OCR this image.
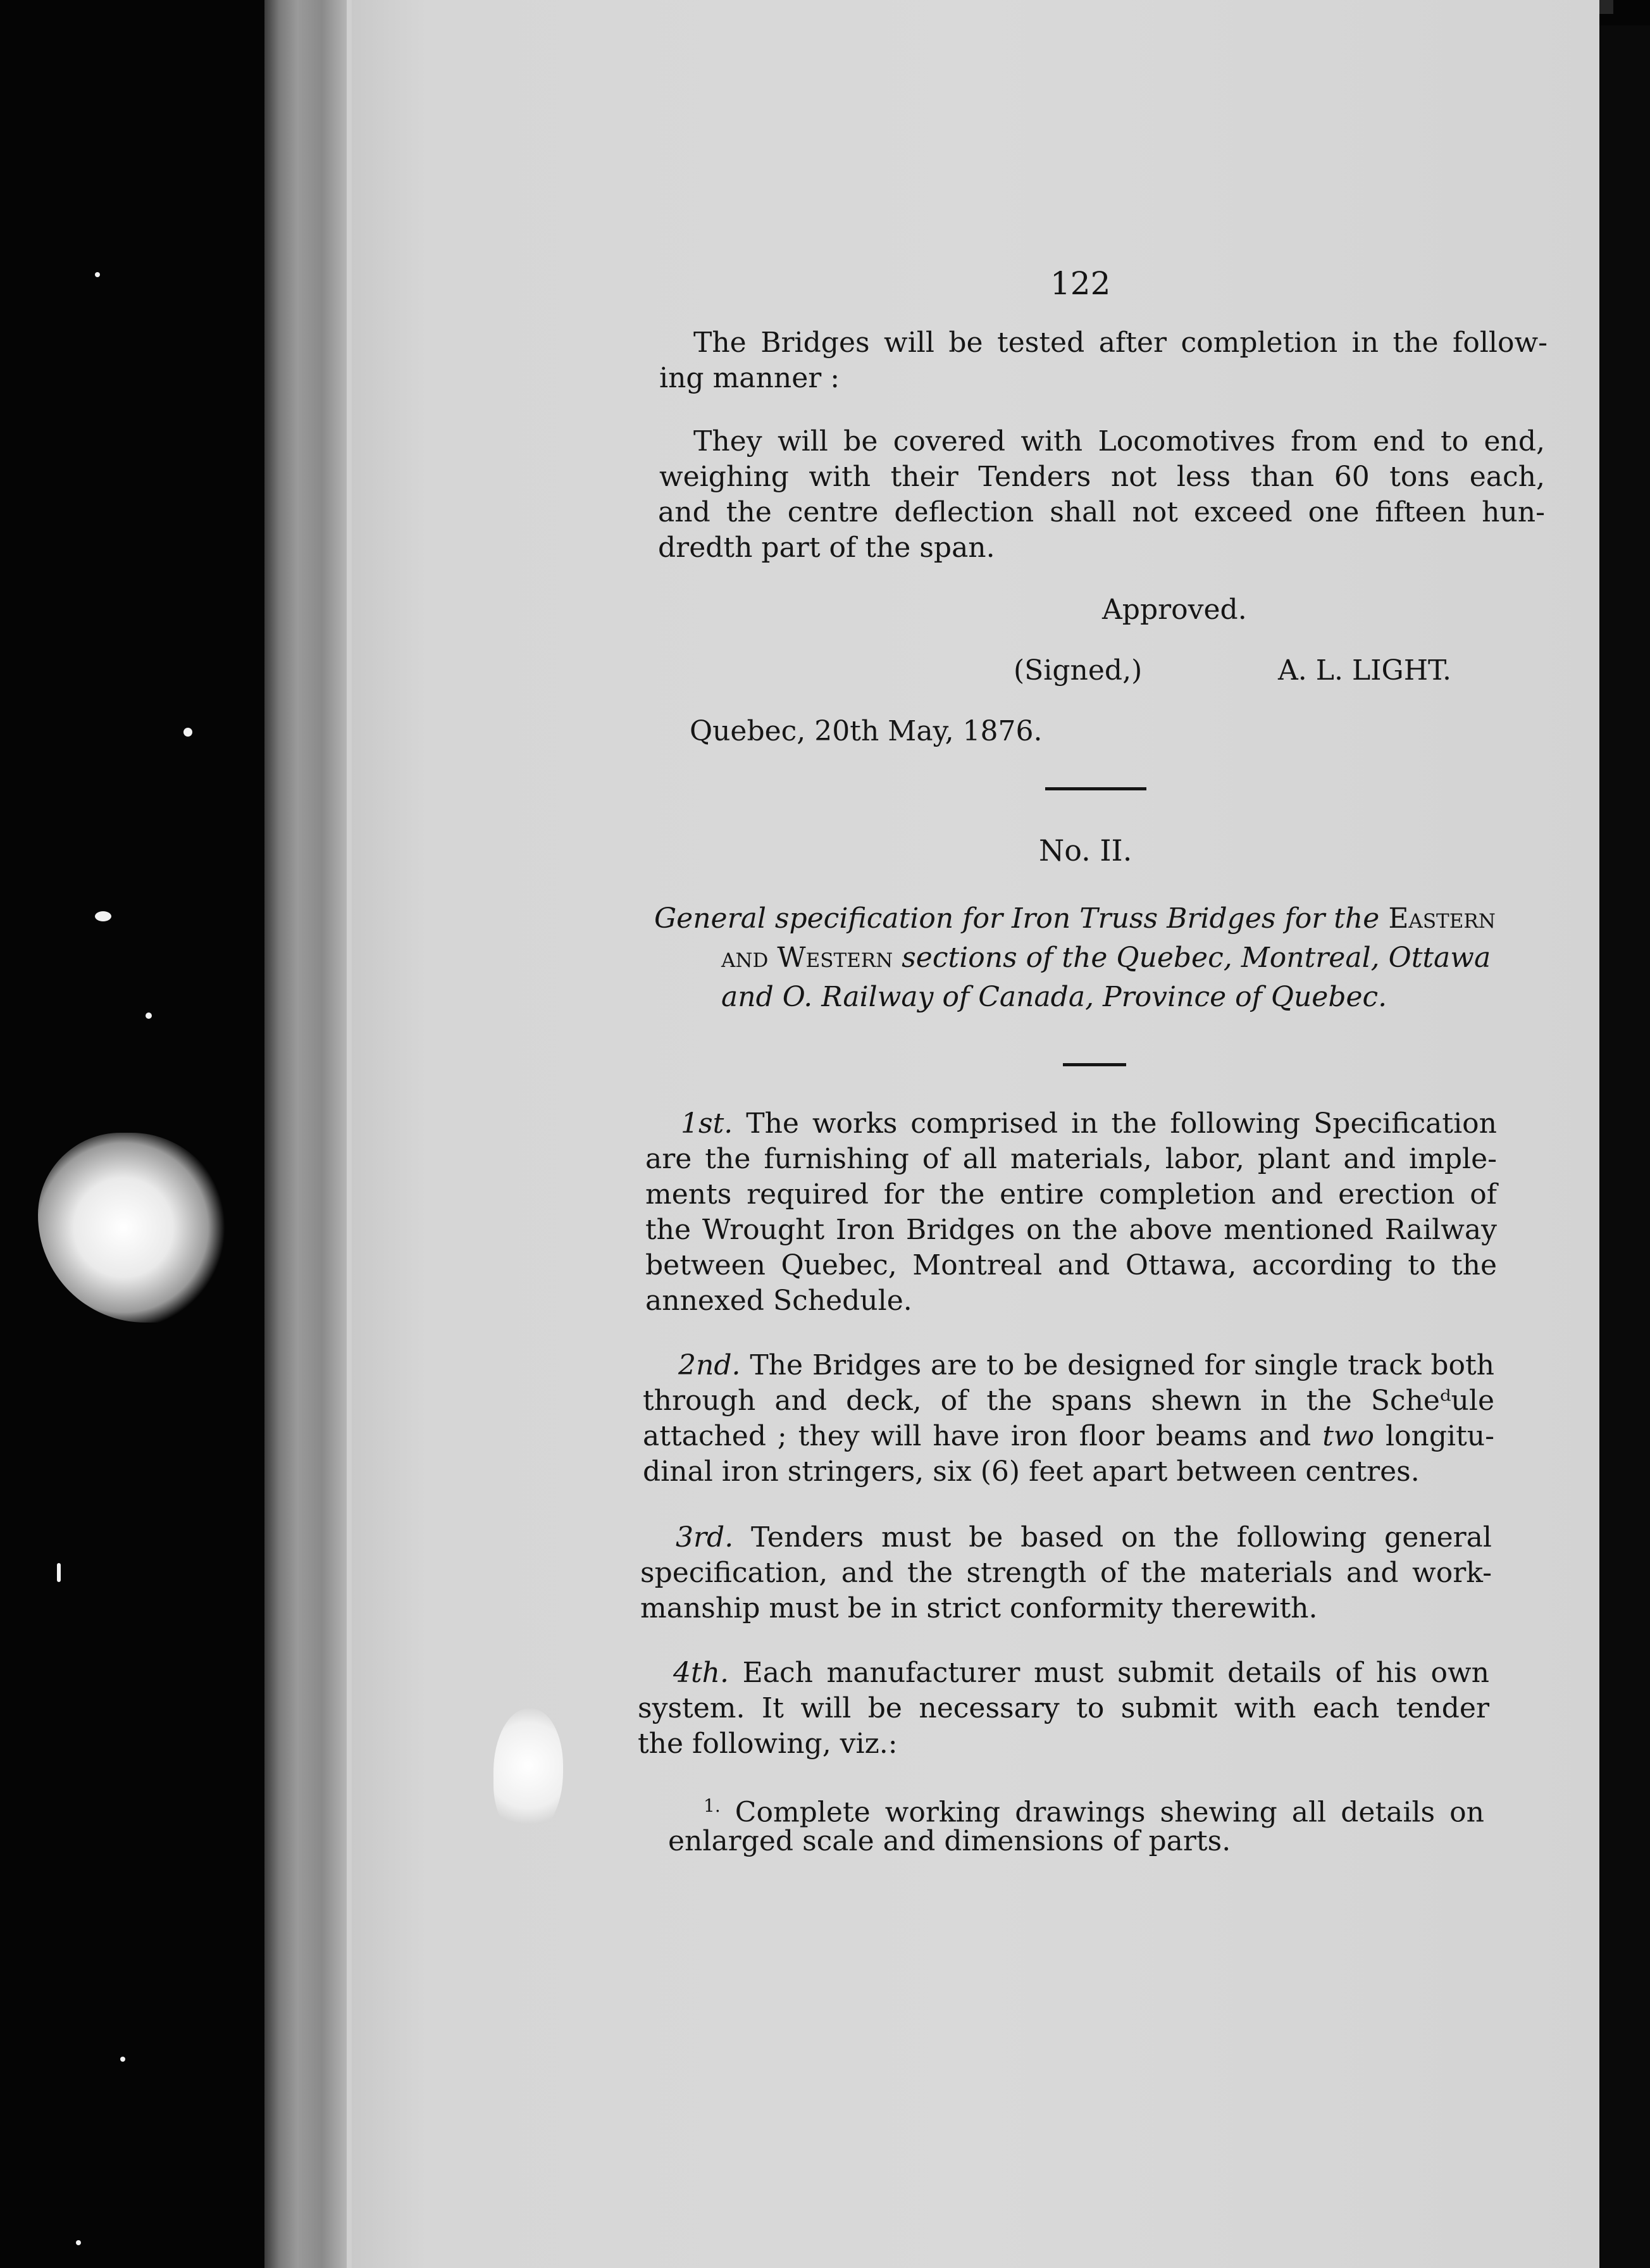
122
The Bridges will be tested after completion in the follow-
ing manner :
They will be covered with Locomotives from end to end,
weighing with their Tenders not less than 60 tons each,
and the centre deflection shall not exceed one fifteen hun-
dredth part of the span.
Approved.
(Signed,)	A. L. LIGHT.
Quebec, 20th May, 1876.
No. II.
General specification for Iron Truss Bridges for the Eastern
and Western sections of the Quebec, Montreal, Ottawa
and O. Railway of Canada, Province of Quebec.
1st. The works comprised in the following Specification
are the furnishing of all materials, labor, plant and imple-
ments required for the entire completion and erection of
the Wrought Iron Bridges on the above mentioned Railway
between Quebec, Montreal and Ottawa, according to the
annexed Schedule.
2nd. The Bridges are to be designed for single track both
through and deck, of the spans shewn in the Scheᵈule
attached ; they will have iron floor beams and two longitu-
dinal iron stringers, six (6) feet apart between centres.
3rd. Tenders must be based on the following general
specification, and the strength of the materials and work-
manship must be in strict conformity therewith.
4th. Each manufacturer must submit details of his own
system. It will be necessary to submit with each tender
the following, viz.:
$^{1.}$ Complete working drawings shewing all details on
enlarged scale and dimensions of parts.
